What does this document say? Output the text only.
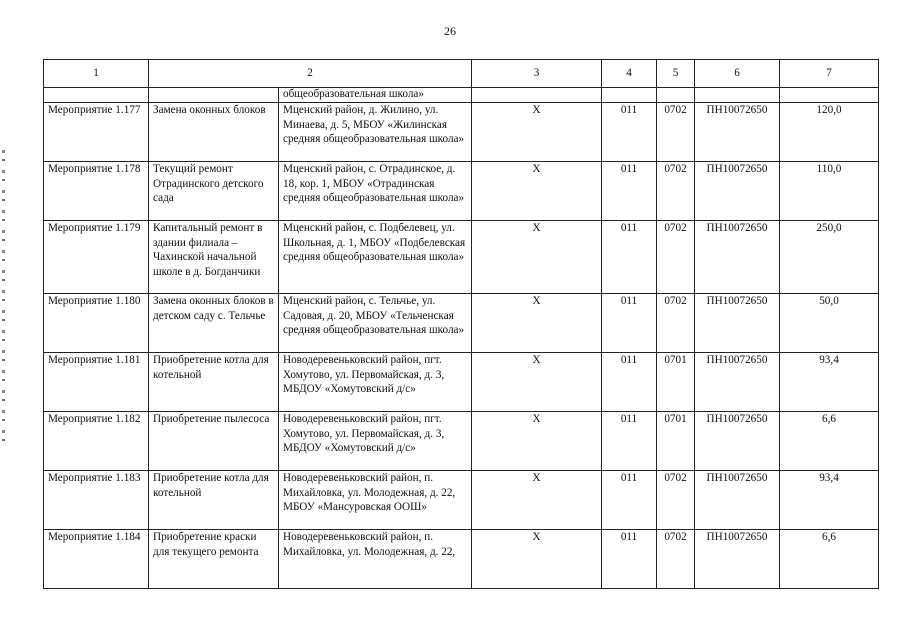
26
1	2		3	4	5	6	7
		общеобразовательная школа»					
Мероприятие 1.177	Замена оконных блоков	Мценский район, д. Жилино, ул. Минаева, д. 5, МБОУ «Жилинская средняя общеобразовательная школа»	X	011	0702	ПН10072650	120,0
Мероприятие 1.178	Текущий ремонт Отрадинского детского сада	Мценский район, с. Отрадинское, д. 18, кор. 1, МБОУ «Отрадинская средняя общеобразовательная школа»	X	011	0702	ПН10072650	110,0
Мероприятие 1.179	Капитальный ремонт в здании филиала – Чахинской начальной школе в д. Богданчики	Мценский район, с. Подбелевец, ул. Школьная, д. 1, МБОУ «Подбелевская средняя общеобразовательная школа»	X	011	0702	ПН10072650	250,0
Мероприятие 1.180	Замена оконных блоков в детском саду с. Тельчье	Мценский район, с. Тельчье, ул. Садовая, д. 20, МБОУ «Тельченская средняя общеобразовательная школа»	X	011	0702	ПН10072650	50,0
Мероприятие 1.181	Приобретение котла для котельной	Новодеревеньковский район, пгт. Хомутово, ул. Первомайская, д. 3, МБДОУ «Хомутовский д/с»	X	011	0701	ПН10072650	93,4
Мероприятие 1.182	Приобретение пылесоса	Новодеревеньковский район, пгт. Хомутово, ул. Первомайская, д. 3, МБДОУ «Хомутовский д/с»	X	011	0701	ПН10072650	6,6
Мероприятие 1.183	Приобретение котла для котельной	Новодеревеньковский район, п. Михайловка, ул. Молодежная, д. 22, МБОУ «Мансуровская ООШ»	X	011	0702	ПН10072650	93,4
Мероприятие 1.184	Приобретение краски для текущего ремонта	Новодеревеньковский район, п. Михайловка, ул. Молодежная, д. 22,	X	011	0702	ПН10072650	6,6
